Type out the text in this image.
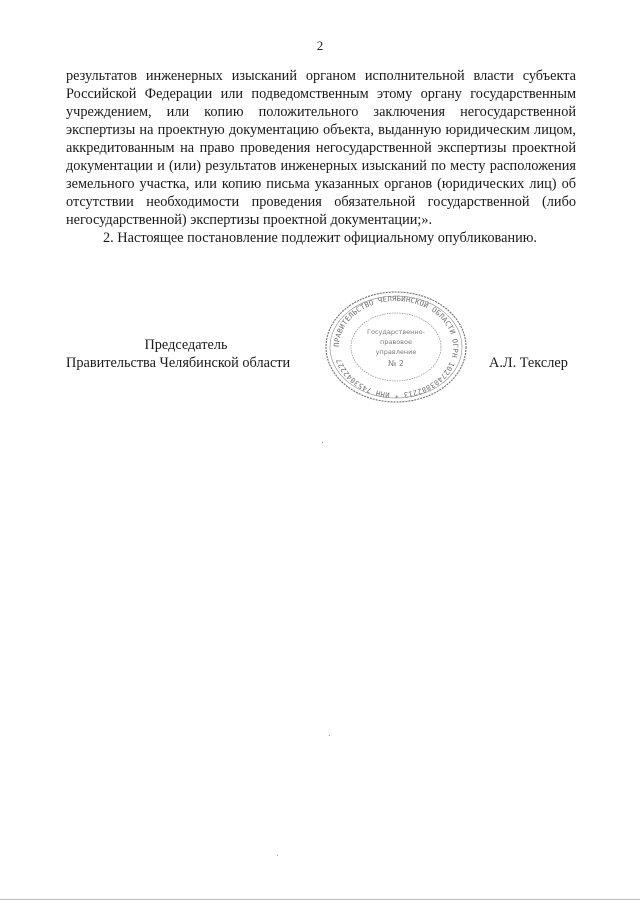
2

результатов инженерных изысканий органом исполнительной власти субъекта Российской Федерации или подведомственным этому органу государственным учреждением, или копию положительного заключения негосударственной экспертизы на проектную документацию объекта, выданную юридическим лицом, аккредитованным на право проведения негосударственной экспертизы проектной документации и (или) результатов инженерных изысканий по месту расположения земельного участка, или копию письма указанных органов (юридических лиц) об отсутствии необходимости проведения обязательной государственной (либо негосударственной) экспертизы проектной документации;».

2. Настоящее постановление подлежит официальному опубликованию.

Председатель
Правительства Челябинской области
ПРАВИТЕЛЬСТВО ЧЕЛЯБИНСКОЙ ОБЛАСТИ ОГРН 1027403882213 * ИНН 7453042227
Государственно-
правовое
управление
№ 2	А.Л. Текслер
